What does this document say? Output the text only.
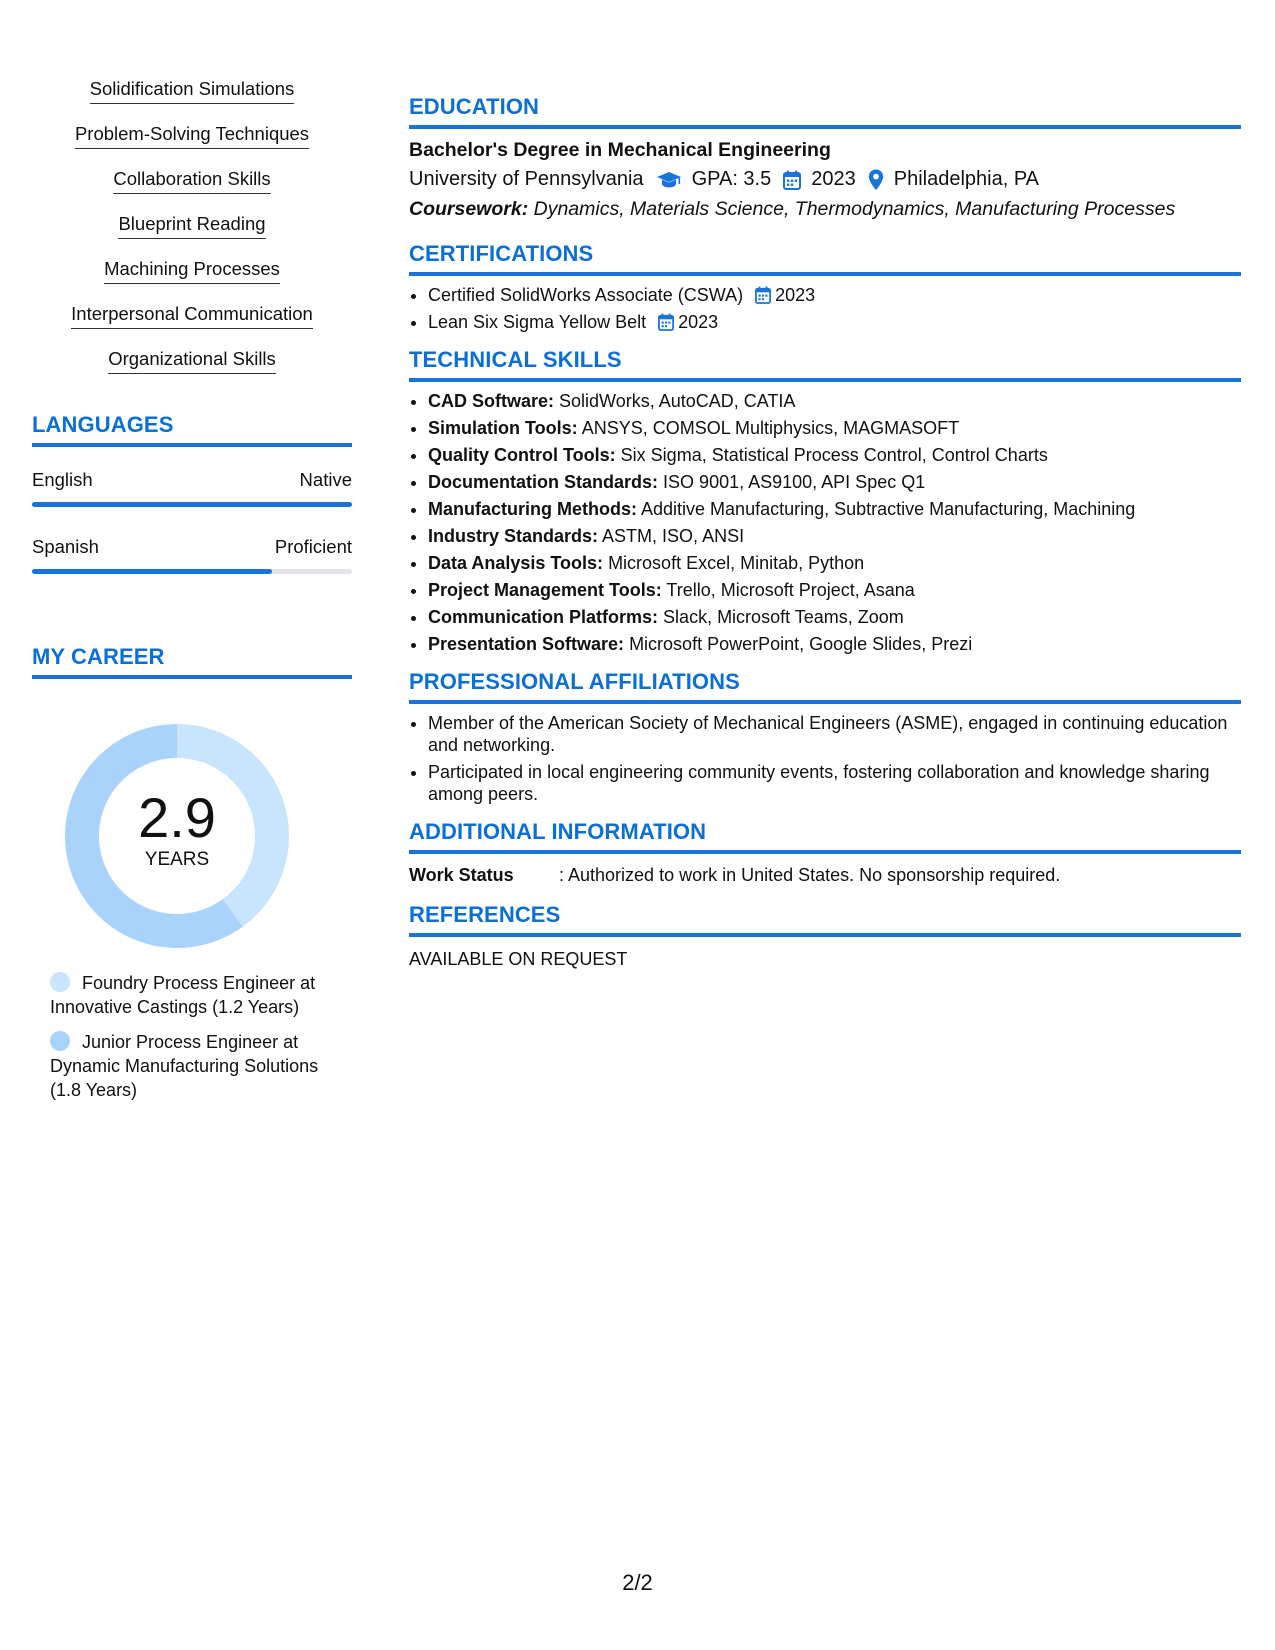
Solidification Simulations
Problem-Solving Techniques
Collaboration Skills
Blueprint Reading
Machining Processes
Interpersonal Communication
Organizational Skills
LANGUAGES
English	Native
Spanish	Proficient
MY CAREER
2.9
YEARS
Foundry Process Engineer at Innovative Castings (1.2 Years)
Junior Process Engineer at Dynamic Manufacturing Solutions (1.8 Years)
EDUCATION
Bachelor's Degree in Mechanical Engineering
University of Pennsylvania GPA: 3.5 2023 Philadelphia, PA
Coursework: Dynamics, Materials Science, Thermodynamics, Manufacturing Processes
CERTIFICATIONS
• Certified SolidWorks Associate (CSWA) 2023
• Lean Six Sigma Yellow Belt 2023
TECHNICAL SKILLS
• CAD Software: SolidWorks, AutoCAD, CATIA
• Simulation Tools: ANSYS, COMSOL Multiphysics, MAGMASOFT
• Quality Control Tools: Six Sigma, Statistical Process Control, Control Charts
• Documentation Standards: ISO 9001, AS9100, API Spec Q1
• Manufacturing Methods: Additive Manufacturing, Subtractive Manufacturing, Machining
• Industry Standards: ASTM, ISO, ANSI
• Data Analysis Tools: Microsoft Excel, Minitab, Python
• Project Management Tools: Trello, Microsoft Project, Asana
• Communication Platforms: Slack, Microsoft Teams, Zoom
• Presentation Software: Microsoft PowerPoint, Google Slides, Prezi
PROFESSIONAL AFFILIATIONS
• Member of the American Society of Mechanical Engineers (ASME), engaged in continuing education and networking.
• Participated in local engineering community events, fostering collaboration and knowledge sharing among peers.
ADDITIONAL INFORMATION
Work Status	: Authorized to work in United States. No sponsorship required.
REFERENCES
AVAILABLE ON REQUEST
2/2
